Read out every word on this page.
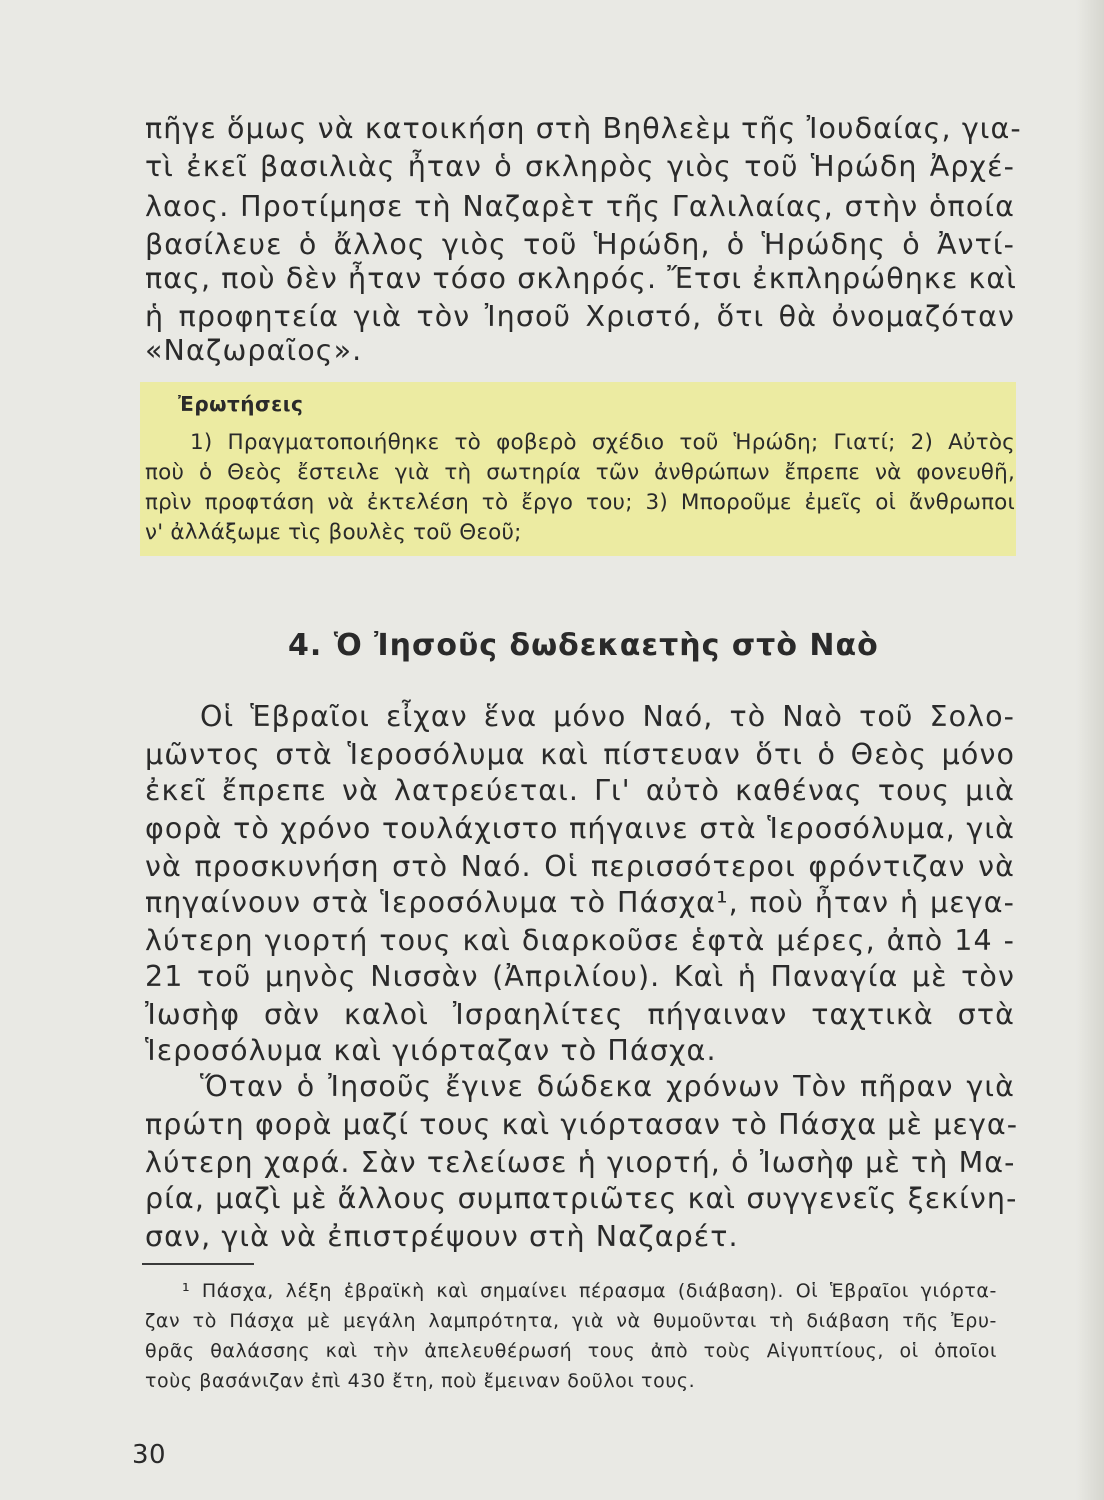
πῆγε ὅμως νὰ κατοικήση στὴ Βηθλεὲμ τῆς Ἰουδαίας, για-
τὶ ἐκεῖ βασιλιὰς ἦταν ὁ σκληρὸς γιὸς τοῦ Ἡρώδη Ἀρχέ-
λαος. Προτίμησε τὴ Ναζαρὲτ τῆς Γαλιλαίας, στὴν ὁποία
βασίλευε ὁ ἄλλος γιὸς τοῦ Ἡρώδη, ὁ Ἡρώδης ὁ Ἀντί-
πας, ποὺ δὲν ἦταν τόσο σκληρός. Ἔτσι ἐκπληρώθηκε καὶ
ἡ προφητεία γιὰ τὸν Ἰησοῦ Χριστό, ὅτι θὰ ὀνομαζόταν
«Ναζωραῖος».
Ἐρωτήσεις
1) Πραγματοποιήθηκε τὸ φοβερὸ σχέδιο τοῦ Ἡρώδη; Γιατί; 2) Αὐτὸς
ποὺ ὁ Θεὸς ἔστειλε γιὰ τὴ σωτηρία τῶν ἀνθρώπων ἔπρεπε νὰ φονευθῆ,
πρὶν προφτάση νὰ ἐκτελέση τὸ ἔργο του; 3) Μποροῦμε ἐμεῖς οἱ ἄνθρωποι
ν' ἀλλάξωμε τὶς βουλὲς τοῦ Θεοῦ;
4. Ὁ Ἰησοῦς δωδεκαετὴς στὸ Ναὸ
Οἱ Ἑβραῖοι εἶχαν ἕνα μόνο Ναό, τὸ Ναὸ τοῦ Σολο-
μῶντος στὰ Ἱεροσόλυμα καὶ πίστευαν ὅτι ὁ Θεὸς μόνο
ἐκεῖ ἔπρεπε νὰ λατρεύεται. Γι' αὐτὸ καθένας τους μιὰ
φορὰ τὸ χρόνο τουλάχιστο πήγαινε στὰ Ἱεροσόλυμα, γιὰ
νὰ προσκυνήση στὸ Ναό. Οἱ περισσότεροι φρόντιζαν νὰ
πηγαίνουν στὰ Ἱεροσόλυμα τὸ Πάσχα¹, ποὺ ἦταν ἡ μεγα-
λύτερη γιορτή τους καὶ διαρκοῦσε ἑφτὰ μέρες, ἀπὸ 14 -
21 τοῦ μηνὸς Νισσὰν (Ἀπριλίου). Καὶ ἡ Παναγία μὲ τὸν
Ἰωσὴφ σὰν καλοὶ Ἰσραηλίτες πήγαιναν ταχτικὰ στὰ
Ἱεροσόλυμα καὶ γιόρταζαν τὸ Πάσχα.
Ὅταν ὁ Ἰησοῦς ἔγινε δώδεκα χρόνων Τὸν πῆραν γιὰ
πρώτη φορὰ μαζί τους καὶ γιόρτασαν τὸ Πάσχα μὲ μεγα-
λύτερη χαρά. Σὰν τελείωσε ἡ γιορτή, ὁ Ἰωσὴφ μὲ τὴ Μα-
ρία, μαζὶ μὲ ἄλλους συμπατριῶτες καὶ συγγενεῖς ξεκίνη-
σαν, γιὰ νὰ ἐπιστρέψουν στὴ Ναζαρέτ.
¹ Πάσχα, λέξη ἑβραϊκὴ καὶ σημαίνει πέρασμα (διάβαση). Οἱ Ἑβραῖοι γιόρτα-
ζαν τὸ Πάσχα μὲ μεγάλη λαμπρότητα, γιὰ νὰ θυμοῦνται τὴ διάβαση τῆς Ἐρυ-
θρᾶς θαλάσσης καὶ τὴν ἀπελευθέρωσή τους ἀπὸ τοὺς Αἰγυπτίους, οἱ ὁποῖοι
τοὺς βασάνιζαν ἐπὶ 430 ἔτη, ποὺ ἔμειναν δοῦλοι τους.
30
